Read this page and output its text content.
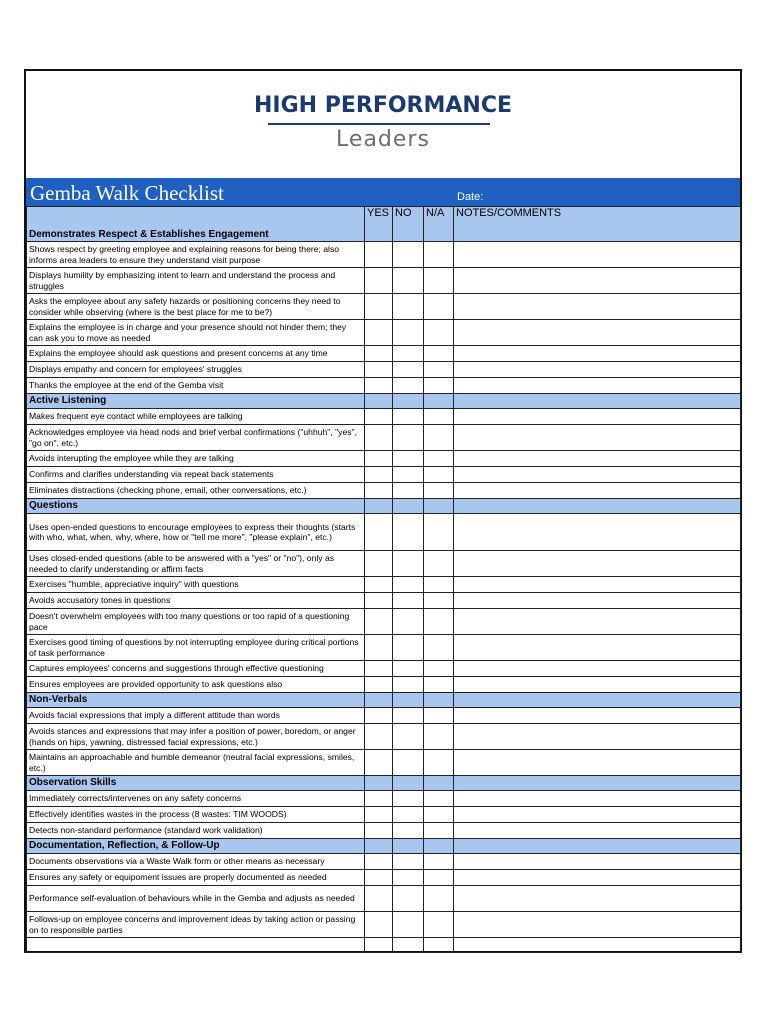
HIGH PERFORMANCE
Leaders
Gemba Walk Checklist	Date:
Demonstrates Respect & Establishes Engagement	YES	NO	N/A	NOTES/COMMENTS
Shows respect by greeting employee and explaining reasons for being there; also informs area leaders to ensure they understand visit purpose				
Displays humility by emphasizing intent to learn and understand the process and struggles				
Asks the employee about any safety hazards or positioning concerns they need to consider while observing (where is the best place for me to be?)				
Explains the employee is in charge and your presence should not hinder them; they can ask you to move as needed				
Explains the employee should ask questions and present concerns at any time				
Displays empathy and concern for employees' struggles				
Thanks the employee at the end of the Gemba visit				
Active Listening				
Makes frequent eye contact while employees are talking				
Acknowledges employee via head nods and brief verbal confirmations ("uhhuh", "yes", "go on", etc.)				
Avoids interupting the employee while they are talking				
Confirms and clarifies understanding via repeat back statements				
Eliminates distractions (checking phone, email, other conversations, etc.)				
Questions				
Uses open-ended questions to encourage employees to express their thoughts (starts with who, what, when, why, where, how or "tell me more", "please explain", etc.)				
Uses closed-ended questions (able to be answered with a "yes" or "no"), only as needed to clarify understanding or affirm facts				
Exercises "humble, appreciative inquiry" with questions				
Avoids accusatory tones in questions				
Doesn't overwhelm employees with too many questions or too rapid of a questioning pace				
Exercises good timing of questions by not interrupting employee during critical portions of task performance				
Captures employees' concerns and suggestions through effective questioning				
Ensures employees are provided opportunity to ask questions also				
Non-Verbals				
Avoids facial expressions that imply a different attitude than words				
Avoids stances and expressions that may infer a position of power, boredom, or anger (hands on hips, yawning, distressed facial expressions, etc.)				
Maintains an approachable and humble demeanor (neutral facial expressions, smiles, etc.)				
Observation Skills				
Immediately corrects/intervenes on any safety concerns				
Effectively identifies wastes in the process (8 wastes: TIM WOODS)				
Detects non-standard performance (standard work validation)				
Documentation, Reflection, & Follow-Up				
Documents observations via a Waste Walk form or other means as necessary				
Ensures any safety or equipoment issues are properly documented as needed				
Performance self-evaluation of behaviours while in the Gemba and adjusts as needed				
Follows-up on employee concerns and improvement ideas by taking action or passing on to responsible parties				
